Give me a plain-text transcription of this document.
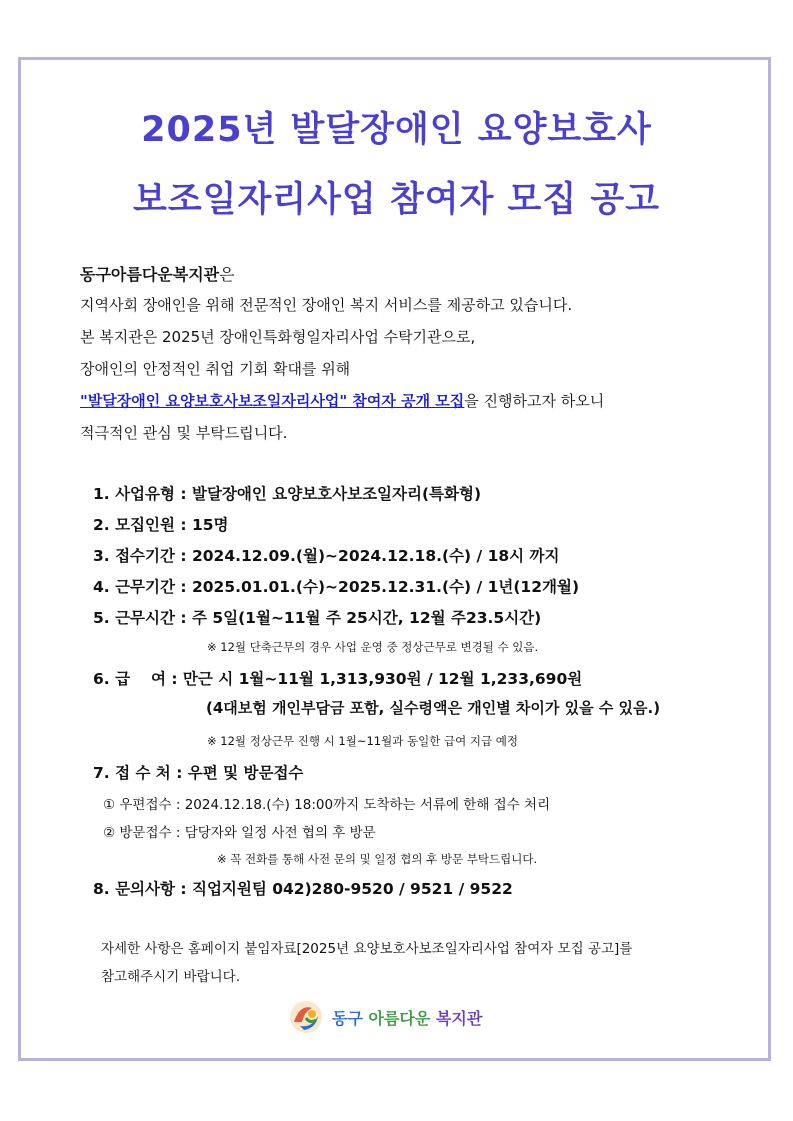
2025년 발달장애인 요양보호사
보조일자리사업 참여자 모집 공고
동구아름다운복지관은
지역사회 장애인을 위해 전문적인 장애인 복지 서비스를 제공하고 있습니다.
본 복지관은 2025년 장애인특화형일자리사업 수탁기관으로,
장애인의 안정적인 취업 기회 확대를 위해
"발달장애인 요양보호사보조일자리사업" 참여자 공개 모집을 진행하고자 하오니
적극적인 관심 및 부탁드립니다.
1. 사업유형 : 발달장애인 요양보호사보조일자리(특화형)
2. 모집인원 : 15명
3. 접수기간 : 2024.12.09.(월)~2024.12.18.(수) / 18시 까지
4. 근무기간 : 2025.01.01.(수)~2025.12.31.(수) / 1년(12개월)
5. 근무시간 : 주 5일(1월~11월 주 25시간, 12월 주23.5시간)
※ 12월 단축근무의 경우 사업 운영 중 정상근무로 변경될 수 있음.
6. 급　 여 : 만근 시 1월~11월 1,313,930원 / 12월 1,233,690원
(4대보험 개인부담금 포함, 실수령액은 개인별 차이가 있을 수 있음.)
※ 12월 정상근무 진행 시 1월~11월과 동일한 급여 지급 예정
7. 접 수 처 : 우편 및 방문접수
① 우편접수 : 2024.12.18.(수) 18:00까지 도착하는 서류에 한해 접수 처리
② 방문접수 : 담당자와 일정 사전 협의 후 방문
※ 꼭 전화를 통해 사전 문의 및 일정 협의 후 방문 부탁드립니다.
8. 문의사항 : 직업지원팀 042)280-9520 / 9521 / 9522
자세한 사항은 홈페이지 붙임자료[2025년 요양보호사보조일자리사업 참여자 모집 공고]를
참고해주시기 바랍니다.
동구 아름다운 복지관
